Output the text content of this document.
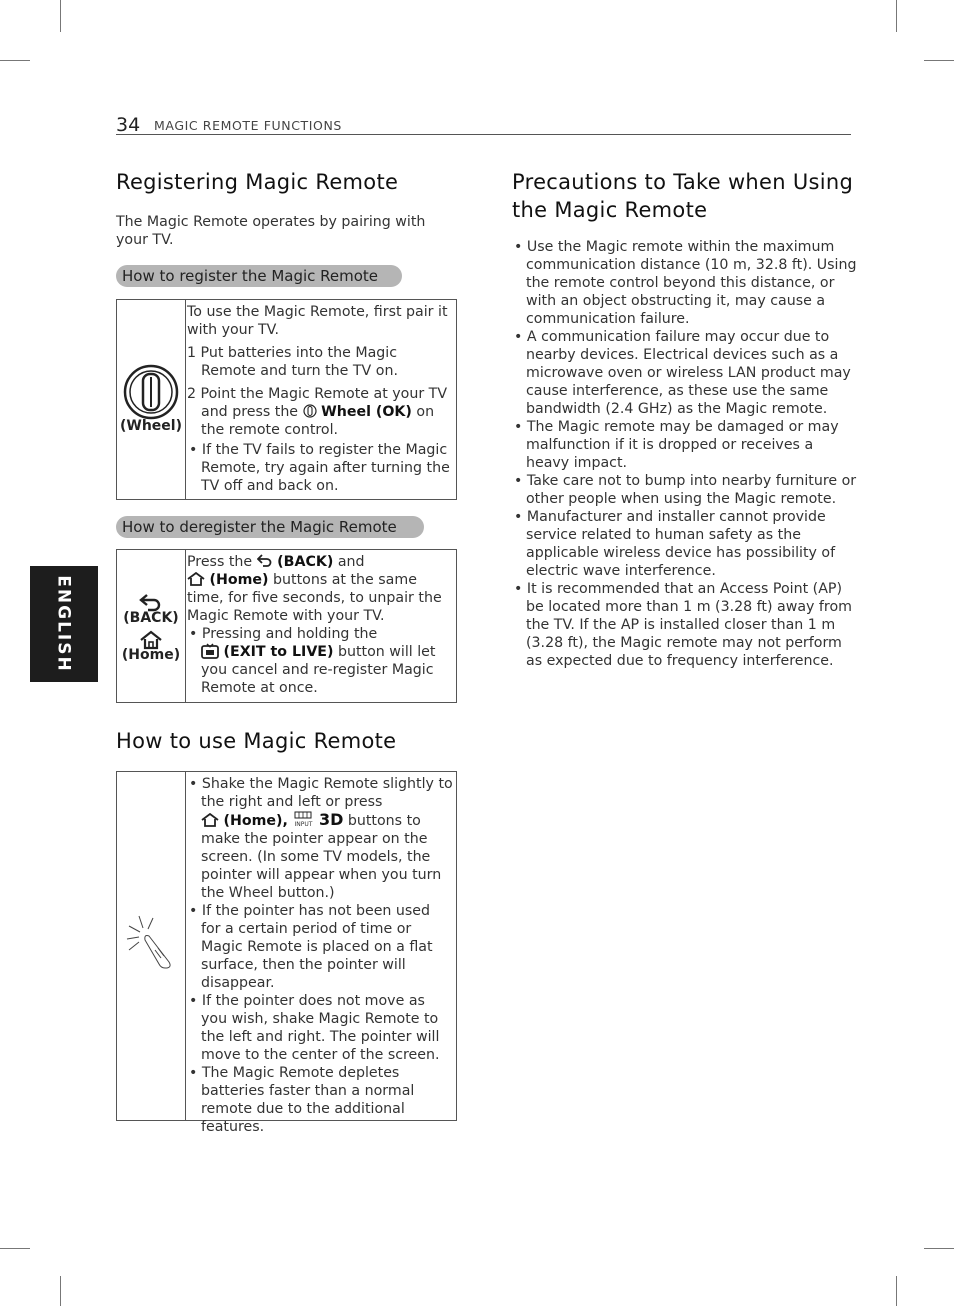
34 MAGIC REMOTE FUNCTIONS
ENGLISH
Registering Magic Remote
The Magic Remote operates by pairing with your TV.
How to register the Magic Remote
(Wheel)

To use the Magic Remote, first pair it with your TV.

1 Put batteries into the Magic Remote and turn the TV on.

2 Point the Magic Remote at your TV and press the Wheel (OK) on the remote control.

• If the TV fails to register the Magic Remote, try again after turning the TV off and back on.

How to deregister the Magic Remote
(BACK)
(Home)

Press the (BACK) and
(Home) buttons at the same time, for five seconds, to unpair the Magic Remote with your TV.

• Pressing and holding the
(EXIT to LIVE) button will let you cancel and re-register Magic Remote at once.

How to use Magic Remote

• Shake the Magic Remote slightly to the right and left or press
(Home), INPUT 3D buttons to make the pointer appear on the screen. (In some TV models, the pointer will appear when you turn the Wheel button.)

• If the pointer has not been used for a certain period of time or Magic Remote is placed on a flat surface, then the pointer will disappear.

• If the pointer does not move as you wish, shake Magic Remote to the left and right. The pointer will move to the center of the screen.

• The Magic Remote depletes batteries faster than a normal remote due to the additional features.

Precautions to Take when Using
the Magic Remote
• Use the Magic remote within the maximum communication distance (10 m, 32.8 ft). Using the remote control beyond this distance, or with an object obstructing it, may cause a communication failure.
• A communication failure may occur due to nearby devices. Electrical devices such as a microwave oven or wireless LAN product may cause interference, as these use the same bandwidth (2.4 GHz) as the Magic remote.
• The Magic remote may be damaged or may malfunction if it is dropped or receives a heavy impact.
• Take care not to bump into nearby furniture or other people when using the Magic remote.
• Manufacturer and installer cannot provide service related to human safety as the applicable wireless device has possibility of electric wave interference.
• It is recommended that an Access Point (AP) be located more than 1 m (3.28 ft) away from the TV. If the AP is installed closer than 1 m (3.28 ft), the Magic remote may not perform as expected due to frequency interference.
